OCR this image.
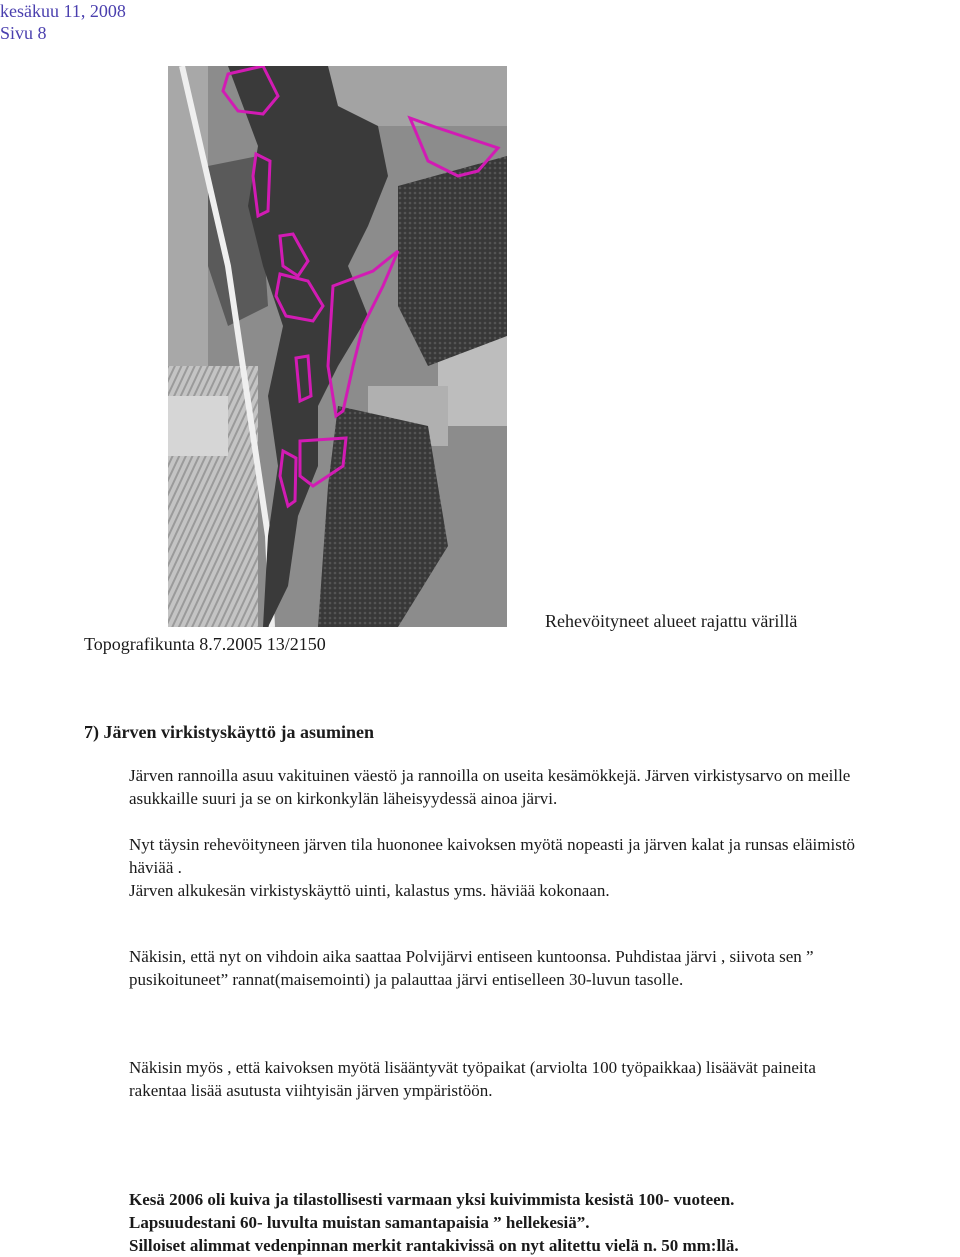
kesäkuu 11, 2008
Sivu 8
Topografikunta 8.7.2005 13/2150
Rehevöityneet alueet rajattu värillä
7) Järven virkistyskäyttö ja asuminen
Järven rannoilla asuu vakituinen väestö ja rannoilla on useita kesämökkejä. Järven virkistysarvo on meille
asukkaille suuri ja se on kirkonkylän läheisyydessä ainoa järvi.
Nyt täysin rehevöityneen järven tila huononee kaivoksen myötä nopeasti ja järven kalat ja runsas eläimistö
häviää .
Järven alkukesän virkistyskäyttö uinti, kalastus yms. häviää kokonaan.
Näkisin, että nyt on vihdoin aika saattaa Polvijärvi entiseen kuntoonsa. Puhdistaa järvi , siivota sen ”
pusikoituneet” rannat(maisemointi) ja palauttaa järvi entiselleen 30-luvun tasolle.
Näkisin myös , että kaivoksen myötä lisääntyvät työpaikat (arviolta 100 työpaikkaa) lisäävät paineita
rakentaa lisää asutusta viihtyisän järven ympäristöön.
Kesä 2006 oli kuiva ja tilastollisesti varmaan yksi kuivimmista kesistä 100- vuoteen.
Lapsuudestani 60- luvulta muistan samantapaisia ” hellekesiä”.
Silloiset alimmat vedenpinnan merkit rantakivissä on nyt alitettu vielä n. 50 mm:llä.
